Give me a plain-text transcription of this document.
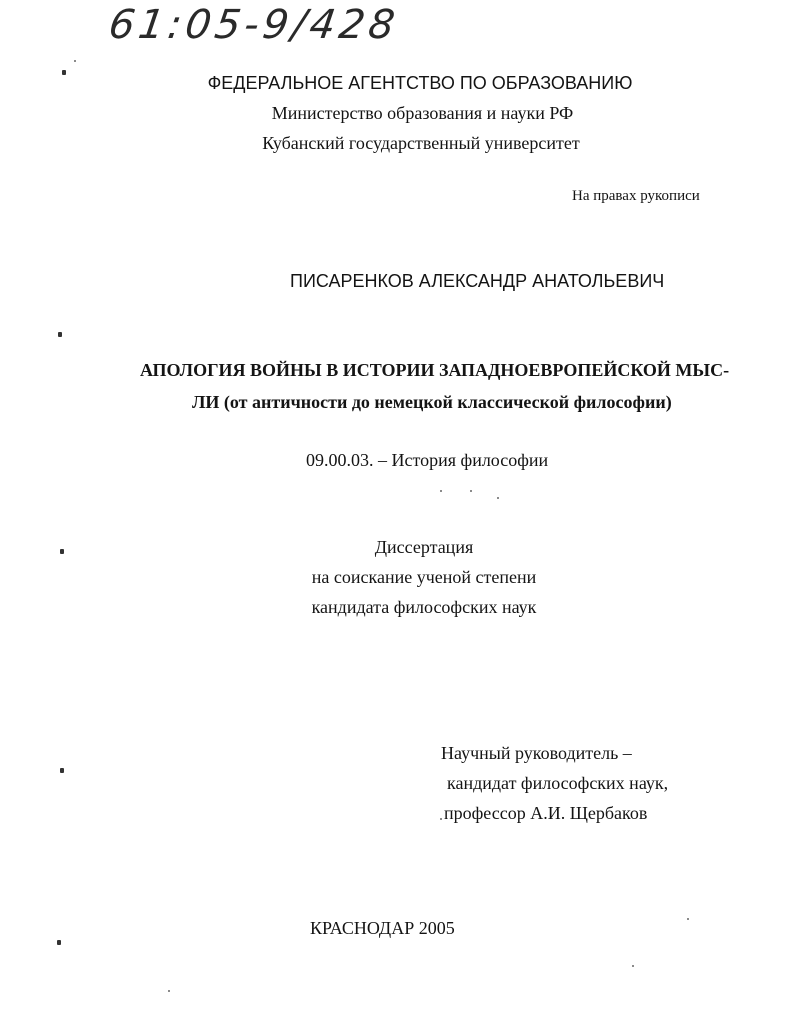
61:05-9/428
ФЕДЕРАЛЬНОЕ АГЕНТСТВО ПО ОБРАЗОВАНИЮ
Министерство образования и науки РФ
Кубанский государственный университет
На правах рукописи
ПИСАРЕНКОВ АЛЕКСАНДР АНАТОЛЬЕВИЧ
АПОЛОГИЯ ВОЙНЫ В ИСТОРИИ ЗАПАДНОЕВРОПЕЙСКОЙ МЫС-
ЛИ (от античности до немецкой классической философии)
09.00.03. – История философии
Диссертация
на соискание ученой степени
кандидата философских наук
Научный руководитель –
кандидат философских наук,
профессор А.И. Щербаков
КРАСНОДАР 2005
